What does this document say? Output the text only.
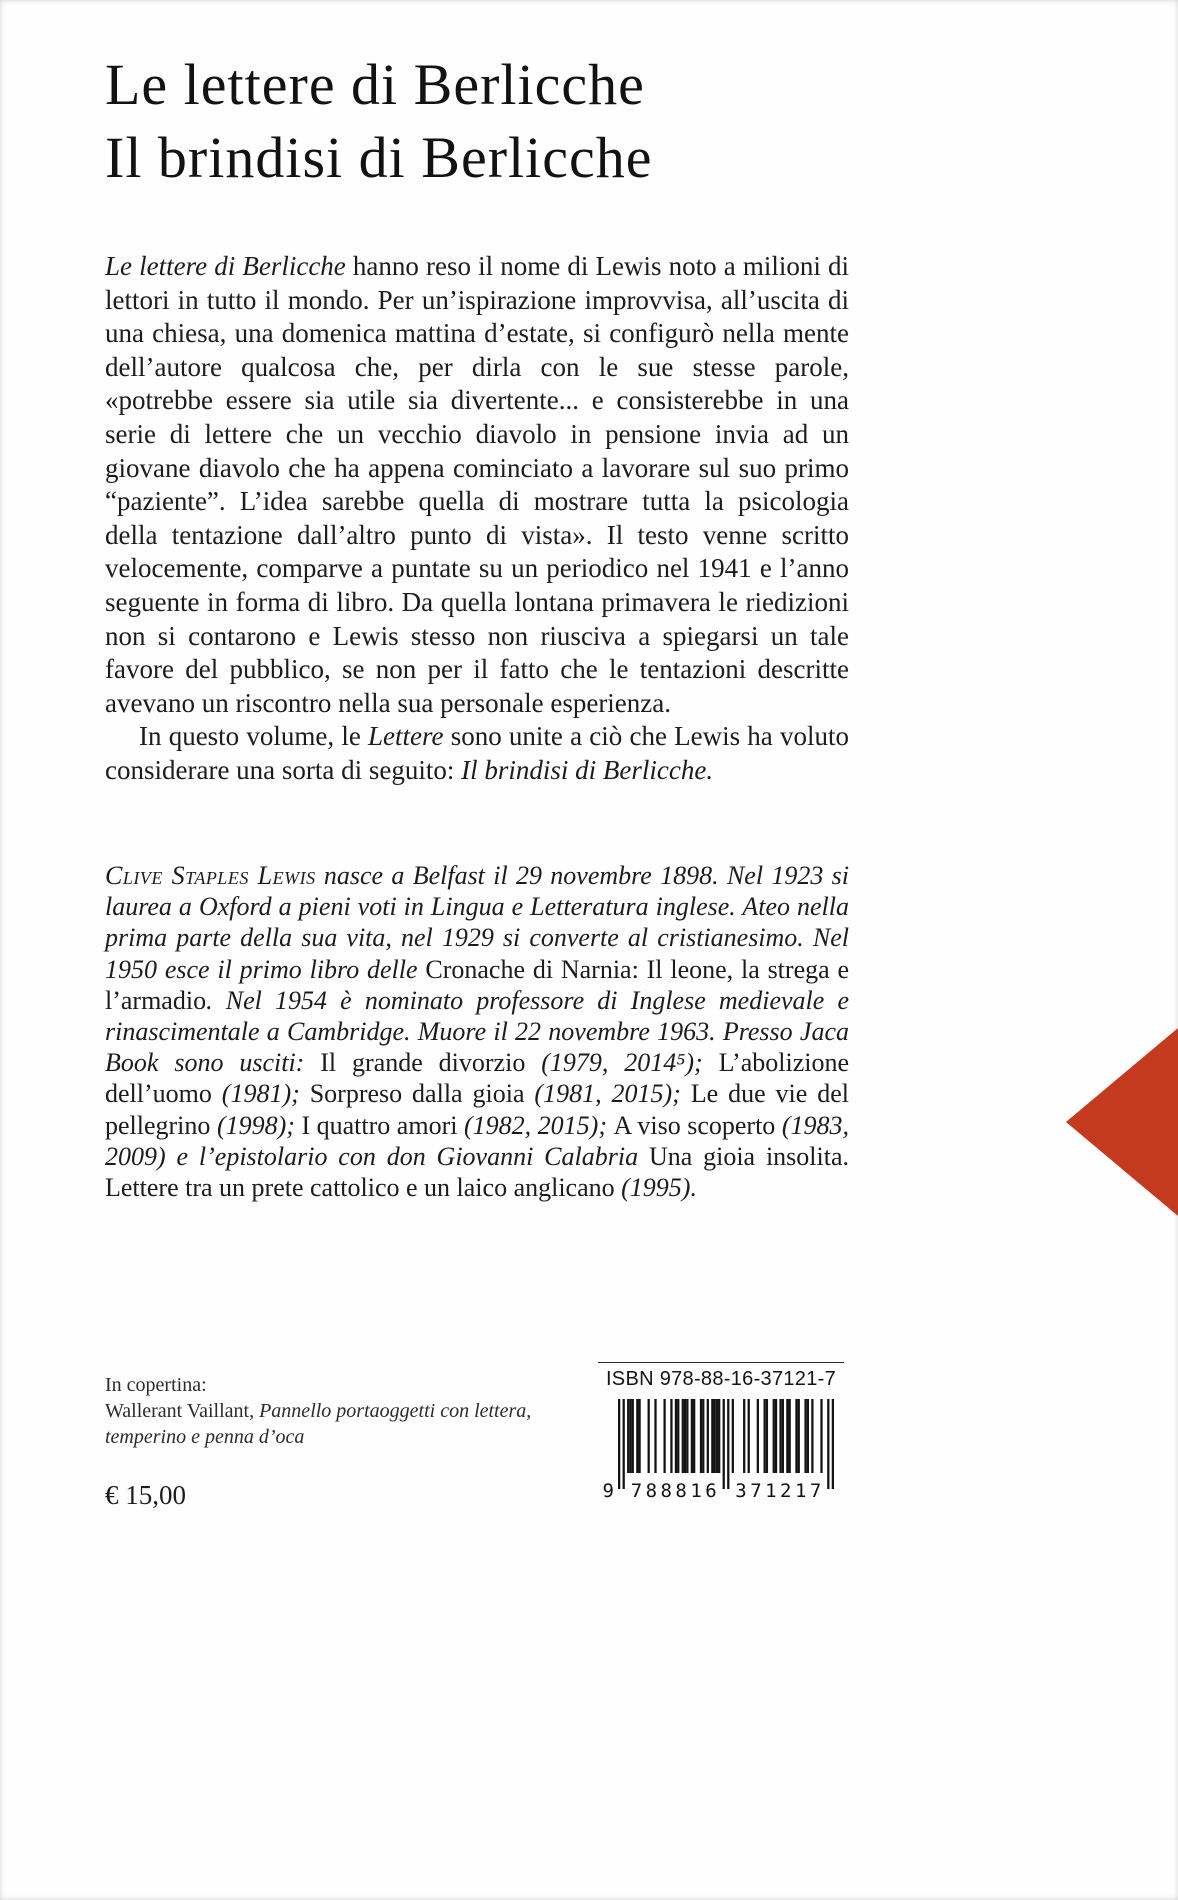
Le lettere di Berlicche
Il brindisi di Berlicche

Le lettere di Berlicche hanno reso il nome di Lewis noto a milioni di lettori in tutto il mondo. Per un’ispirazione improvvisa, all’uscita di una chiesa, una domenica mattina d’estate, si configurò nella mente dell’autore qualcosa che, per dirla con le sue stesse parole, «potrebbe essere sia utile sia divertente... e consisterebbe in una serie di lettere che un vecchio diavolo in pensione invia ad un giovane diavolo che ha appena cominciato a lavorare sul suo primo “paziente”. L’idea sarebbe quella di mostrare tutta la psicologia della tentazione dall’altro punto di vista». Il testo venne scritto velocemente, comparve a puntate su un periodico nel 1941 e l’anno seguente in forma di libro. Da quella lontana primavera le riedizioni non si contarono e Lewis stesso non riusciva a spiegarsi un tale favore del pubblico, se non per il fatto che le tentazioni descritte avevano un riscontro nella sua personale esperienza.

In questo volume, le Lettere sono unite a ciò che Lewis ha voluto considerare una sorta di seguito: Il brindisi di Berlicche.

Clive Staples Lewis nasce a Belfast il 29 novembre 1898. Nel 1923 si laurea a Oxford a pieni voti in Lingua e Letteratura inglese. Ateo nella prima parte della sua vita, nel 1929 si converte al cristianesimo. Nel 1950 esce il primo libro delle Cronache di Narnia: Il leone, la strega e l’armadio. Nel 1954 è nominato professore di Inglese medievale e rinascimentale a Cambridge. Muore il 22 novembre 1963. Presso Jaca Book sono usciti: Il grande divorzio (1979, 2014⁵); L’abolizione dell’uomo (1981); Sorpreso dalla gioia (1981, 2015); Le due vie del pellegrino (1998); I quattro amori (1982, 2015); A viso scoperto (1983, 2009) e l’epistolario con don Giovanni Calabria Una gioia insolita. Lettere tra un prete cattolico e un laico anglicano (1995).
In copertina:
Wallerant Vaillant, Pannello portaoggetti con lettera, temperino e penna d’oca
€ 15,00
ISBN 978-88-16-37121-7
9 788816 371217
